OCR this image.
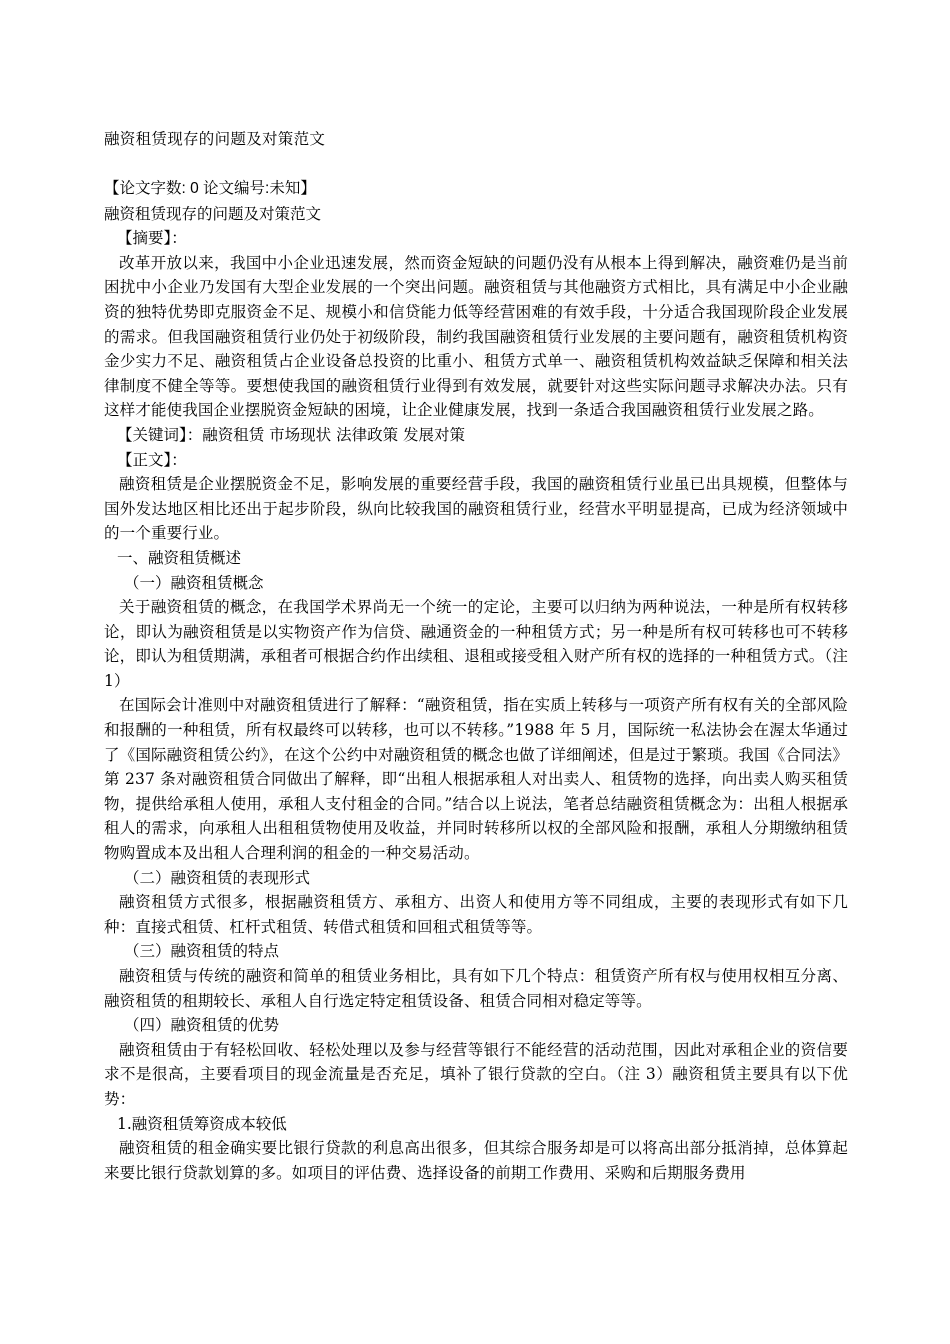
融资租赁现存的问题及对策范文

【论文字数: 0 论文编号:未知】

融资租赁现存的问题及对策范文

【摘要】：

改革开放以来，我国中小企业迅速发展，然而资金短缺的问题仍没有从根本上得到解决，融资难仍是当前困扰中小企业乃发国有大型企业发展的一个突出问题。融资租赁与其他融资方式相比，具有满足中小企业融资的独特优势即克服资金不足、规模小和信贷能力低等经营困难的有效手段，十分适合我国现阶段企业发展的需求。但我国融资租赁行业仍处于初级阶段，制约我国融资租赁行业发展的主要问题有，融资租赁机构资金少实力不足、融资租赁占企业设备总投资的比重小、租赁方式单一、融资租赁机构效益缺乏保障和相关法律制度不健全等等。要想使我国的融资租赁行业得到有效发展，就要针对这些实际问题寻求解决办法。只有这样才能使我国企业摆脱资金短缺的困境，让企业健康发展，找到一条适合我国融资租赁行业发展之路。

【关键词】：融资租赁 市场现状 法律政策 发展对策

【正文】：

融资租赁是企业摆脱资金不足，影响发展的重要经营手段，我国的融资租赁行业虽已出具规模，但整体与国外发达地区相比还出于起步阶段，纵向比较我国的融资租赁行业，经营水平明显提高，已成为经济领域中的一个重要行业。

一、融资租赁概述

（一）融资租赁概念

关于融资租赁的概念，在我国学术界尚无一个统一的定论，主要可以归纳为两种说法，一种是所有权转移论，即认为融资租赁是以实物资产作为信贷、融通资金的一种租赁方式；另一种是所有权可转移也可不转移论，即认为租赁期满，承租者可根据合约作出续租、退租或接受租入财产所有权的选择的一种租赁方式。（注 1）

在国际会计准则中对融资租赁进行了解释：“融资租赁，指在实质上转移与一项资产所有权有关的全部风险和报酬的一种租赁，所有权最终可以转移，也可以不转移。”1988 年 5 月，国际统一私法协会在渥太华通过了《国际融资租赁公约》，在这个公约中对融资租赁的概念也做了详细阐述，但是过于繁琐。我国《合同法》第 237 条对融资租赁合同做出了解释，即“出租人根据承租人对出卖人、租赁物的选择，向出卖人购买租赁物，提供给承租人使用，承租人支付租金的合同。”结合以上说法，笔者总结融资租赁概念为：出租人根据承租人的需求，向承租人出租租赁物使用及收益，并同时转移所以权的全部风险和报酬，承租人分期缴纳租赁物购置成本及出租人合理利润的租金的一种交易活动。

（二）融资租赁的表现形式

融资租赁方式很多，根据融资租赁方、承租方、出资人和使用方等不同组成，主要的表现形式有如下几种：直接式租赁、杠杆式租赁、转借式租赁和回租式租赁等等。

（三）融资租赁的特点

融资租赁与传统的融资和简单的租赁业务相比，具有如下几个特点：租赁资产所有权与使用权相互分离、融资租赁的租期较长、承租人自行选定特定租赁设备、租赁合同相对稳定等等。

（四）融资租赁的优势

融资租赁由于有轻松回收、轻松处理以及参与经营等银行不能经营的活动范围，因此对承租企业的资信要求不是很高，主要看项目的现金流量是否充足，填补了银行贷款的空白。（注 3）融资租赁主要具有以下优势：

1.融资租赁筹资成本较低

融资租赁的租金确实要比银行贷款的利息高出很多，但其综合服务却是可以将高出部分抵消掉，总体算起来要比银行贷款划算的多。如项目的评估费、选择设备的前期工作费用、采购和后期服务费用
